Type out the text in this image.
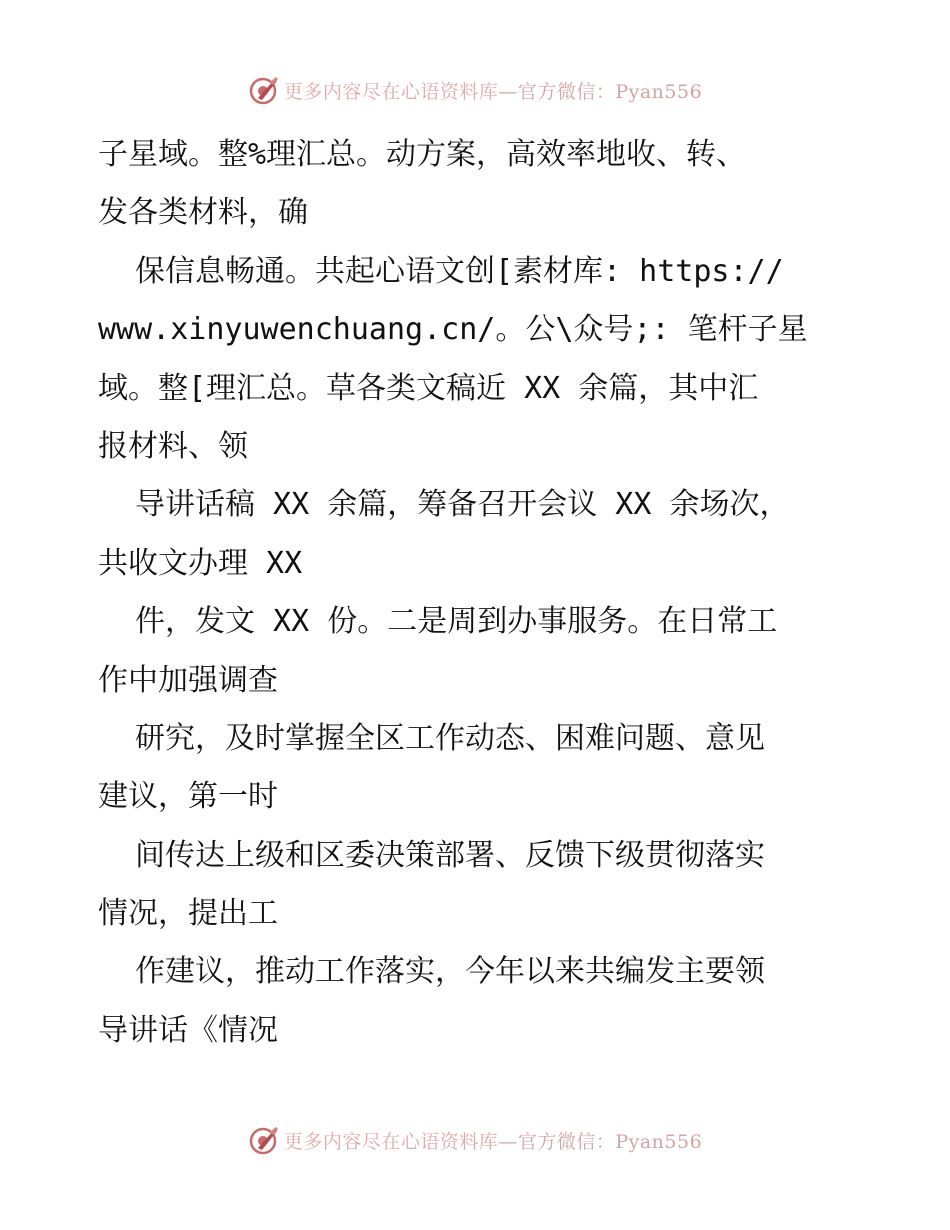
更多内容尽在心语资料库—官方微信：Pyan556
子星域。整%理汇总。动方案，高效率地收、转、
发各类材料，确
保信息畅通。共起心语文创[素材库: https://
www.xinyuwenchuang.cn/。公\众号;: 笔杆子星
域。整[理汇总。草各类文稿近 XX 余篇，其中汇
报材料、领
导讲话稿 XX 余篇，筹备召开会议 XX 余场次，
共收文办理 XX
件，发文 XX 份。二是周到办事服务。在日常工
作中加强调查
研究，及时掌握全区工作动态、困难问题、意见
建议，第一时
间传达上级和区委决策部署、反馈下级贯彻落实
情况，提出工
作建议，推动工作落实，今年以来共编发主要领
导讲话《情况
更多内容尽在心语资料库—官方微信：Pyan556
